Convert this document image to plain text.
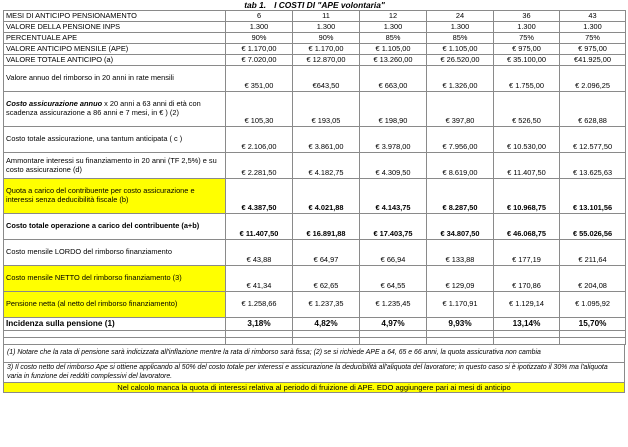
tab 1. I COSTI DI "APE volontaria"						
MESI DI ANTICIPO PENSIONAMENTO	6	11	12	24	36	43
VALORE DELLA PENSIONE INPS	1.300	1.300	1.300	1.300	1.300	1.300
PERCENTUALE APE	90%	90%	85%	85%	75%	75%
VALORE ANTICIPO MENSILE (APE)	€ 1.170,00	€ 1.170,00	€ 1.105,00	€ 1.105,00	€ 975,00	€ 975,00
VALORE TOTALE ANTICIPO (a)	€ 7.020,00	€ 12.870,00	€ 13.260,00	€ 26.520,00	€ 35.100,00	€41.925,00
Valore annuo del rimborso in 20 anni in rate mensili	€ 351,00	€643,50	€ 663,00	€ 1.326,00	€ 1.755,00	€ 2.096,25
Costo assicurazione annuo x 20 anni a 63 anni di età con scadenza assicurazione a 86 anni e 7 mesi, in € ) (2)	€ 105,30	€ 193,05	€ 198,90	€ 397,80	€ 526,50	€ 628,88
Costo totale assicurazione, una tantum anticipata ( c )	€ 2.106,00	€ 3.861,00	€ 3.978,00	€ 7.956,00	€ 10.530,00	€ 12.577,50
Ammontare interessi su finanziamento in 20 anni (TF 2,5%) e su costo assicurazione (d)	€ 2.281,50	€ 4.182,75	€ 4.309,50	€ 8.619,00	€ 11.407,50	€ 13.625,63
Quota a carico del contribuente per costo assicurazione e interessi senza deducibilità fiscale (b)	€ 4.387,50	€ 4.021,88	€ 4.143,75	€ 8.287,50	€ 10.968,75	€ 13.101,56
Costo totale operazione a carico del contribuente (a+b)	€ 11.407,50	€ 16.891,88	€ 17.403,75	€ 34.807,50	€ 46.068,75	€ 55.026,56
Costo mensile LORDO del rimborso finanziamento	€ 43,88	€ 64,97	€ 66,94	€ 133,88	€ 177,19	€ 211,64
Costo mensile NETTO del rimborso finanziamento (3)	€ 41,34	€ 62,65	€ 64,55	€ 129,09	€ 170,86	€ 204,08
Pensione netta (al netto del rimborso finanziamento)	€ 1.258,66	€ 1.237,35	€ 1.235,45	€ 1.170,91	€ 1.129,14	€ 1.095,92
Incidenza sulla pensione (1)	3,18%	4,82%	4,97%	9,93%	13,14%	15,70%

(1) Notare che la rata di pensione sarà indicizzata all'inflazione mentre la rata di rimborso sarà fissa; (2) se si richiede APE a 64, 65 e 66 anni, la quota assicurativa non cambia
3) Il costo netto del rimborso Ape si ottiene applicando al 50% del costo totale per interessi e assicurazione la deducibilità all'aliquota del lavoratore; in questo caso si è ipotizzato il 30% ma l'aliquota varia in funzione dei redditi complessivi del lavoratore.
Nel calcolo manca la quota di interessi relativa al periodo di fruizione di APE. EDO aggiungere pari ai mesi di anticipo
